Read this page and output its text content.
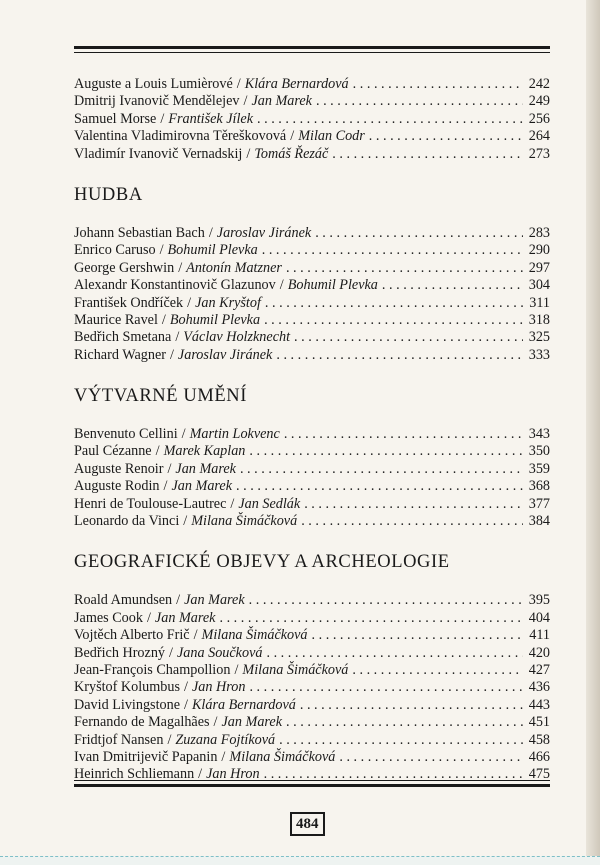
Auguste a Louis Lumièrové / Klára Bernardová . . .	242
Dmitrij Ivanovič Mendělejev / Jan Marek . . .	249
Samuel Morse / František Jílek . . .	256
Valentina Vladimirovna Těreškovová / Milan Codr . . .	264
Vladimír Ivanovič Vernadskij / Tomáš Řezáč . . .	273
HUDBA
Johann Sebastian Bach / Jaroslav Jiránek . . .	283
Enrico Caruso / Bohumil Plevka . . .	290
George Gershwin / Antonín Matzner . . .	297
Alexandr Konstantinovič Glazunov / Bohumil Plevka . . .	304
František Ondříček / Jan Kryštof . . .	311
Maurice Ravel / Bohumil Plevka . . .	318
Bedřich Smetana / Václav Holzknecht . . .	325
Richard Wagner / Jaroslav Jiránek . . .	333
VÝTVARNÉ UMĚNÍ
Benvenuto Cellini / Martin Lokvenc . . .	343
Paul Cézanne / Marek Kaplan . . .	350
Auguste Renoir / Jan Marek . . .	359
Auguste Rodin / Jan Marek . . .	368
Henri de Toulouse-Lautrec / Jan Sedlák . . .	377
Leonardo da Vinci / Milana Šimáčková . . .	384
GEOGRAFICKÉ OBJEVY A ARCHEOLOGIE
Roald Amundsen / Jan Marek . . .	395
James Cook / Jan Marek . . .	404
Vojtěch Alberto Frič / Milana Šimáčková . . .	411
Bedřich Hrozný / Jana Součková . . .	420
Jean-François Champollion / Milana Šimáčková . . .	427
Kryštof Kolumbus / Jan Hron . . .	436
David Livingstone / Klára Bernardová . . .	443
Fernando de Magalhães / Jan Marek . . .	451
Fridtjof Nansen / Zuzana Fojtíková . . .	458
Ivan Dmitrijevič Papanin / Milana Šimáčková . . .	466
Heinrich Schliemann / Jan Hron . . .	475
484
